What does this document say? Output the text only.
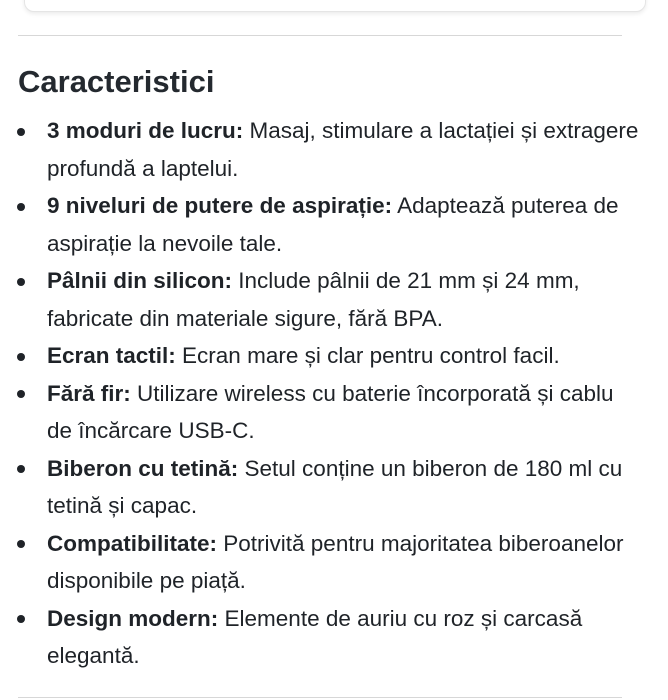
Caracteristici
3 moduri de lucru: Masaj, stimulare a lactației și extragere profundă a laptelui.
9 niveluri de putere de aspirație: Adaptează puterea de aspirație la nevoile tale.
Pâlnii din silicon: Include pâlnii de 21 mm și 24 mm, fabricate din materiale sigure, fără BPA.
Ecran tactil: Ecran mare și clar pentru control facil.
Fără fir: Utilizare wireless cu baterie încorporată și cablu de încărcare USB-C.
Biberon cu tetină: Setul conține un biberon de 180 ml cu tetină și capac.
Compatibilitate: Potrivită pentru majoritatea biberoanelor disponibile pe piață.
Design modern: Elemente de auriu cu roz și carcasă elegantă.
